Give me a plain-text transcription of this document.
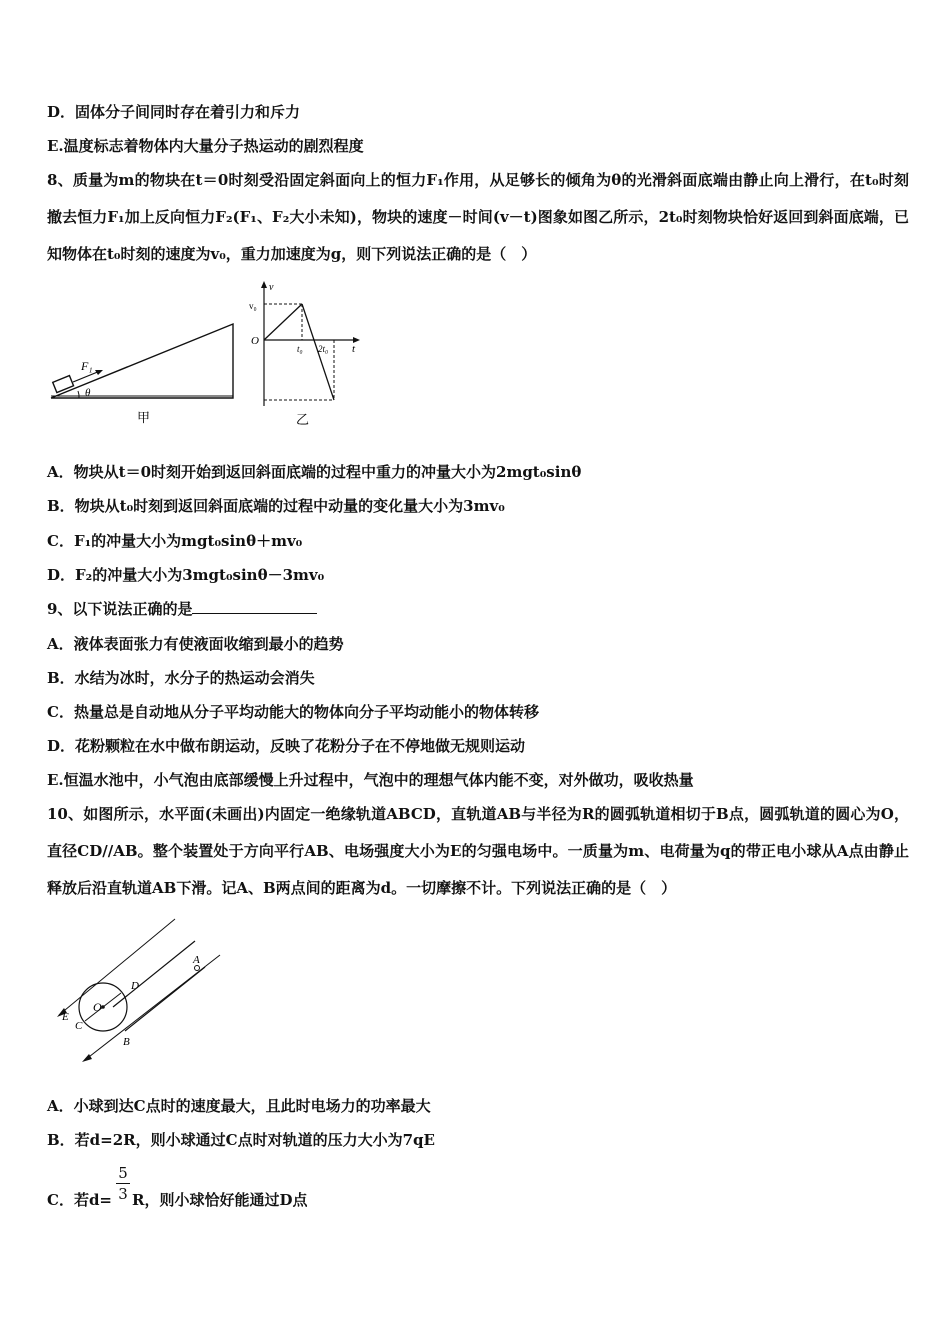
D．固体分子间同时存在着引力和斥力
E.温度标志着物体内大量分子热运动的剧烈程度
8、质量为m的物块在t＝0时刻受沿固定斜面向上的恒力F₁作用，从足够长的倾角为θ的光滑斜面底端由静止向上滑行，在t₀时刻撤去恒力F₁加上反向恒力F₂(F₁、F₂大小未知)，物块的速度－时间(v－t)图象如图乙所示，2t₀时刻物块恰好返回到斜面底端，已知物体在t₀时刻的速度为v₀，重力加速度为g，则下列说法正确的是（　）
F₁
θ
甲
v
t
O
v₀
t₀ 2t₀
乙
A．物块从t＝0时刻开始到返回斜面底端的过程中重力的冲量大小为2mgt₀sinθ
B．物块从t₀时刻到返回斜面底端的过程中动量的变化量大小为3mv₀
C．F₁的冲量大小为mgt₀sinθ＋mv₀
D．F₂的冲量大小为3mgt₀sinθ－3mv₀
9、以下说法正确的是
A．液体表面张力有使液面收缩到最小的趋势
B．水结为冰时，水分子的热运动会消失
C．热量总是自动地从分子平均动能大的物体向分子平均动能小的物体转移
D．花粉颗粒在水中做布朗运动，反映了花粉分子在不停地做无规则运动
E.恒温水池中，小气泡由底部缓慢上升过程中，气泡中的理想气体内能不变，对外做功，吸收热量
10、如图所示，水平面(未画出)内固定一绝缘轨道ABCD，直轨道AB与半径为R的圆弧轨道相切于B点，圆弧轨道的圆心为O，直径CD//AB。整个装置处于方向平行AB、电场强度大小为E的匀强电场中。一质量为m、电荷量为q的带正电小球从A点由静止释放后沿直轨道AB下滑。记A、B两点间的距离为d。一切摩擦不计。下列说法正确的是（　）
A
B
C
D
O
E
A．小球到达C点时的速度最大，且此时电场力的功率最大
B．若d=2R，则小球通过C点时对轨道的压力大小为7qE
C．若d= R，则小球恰好能通过D点
5
3
